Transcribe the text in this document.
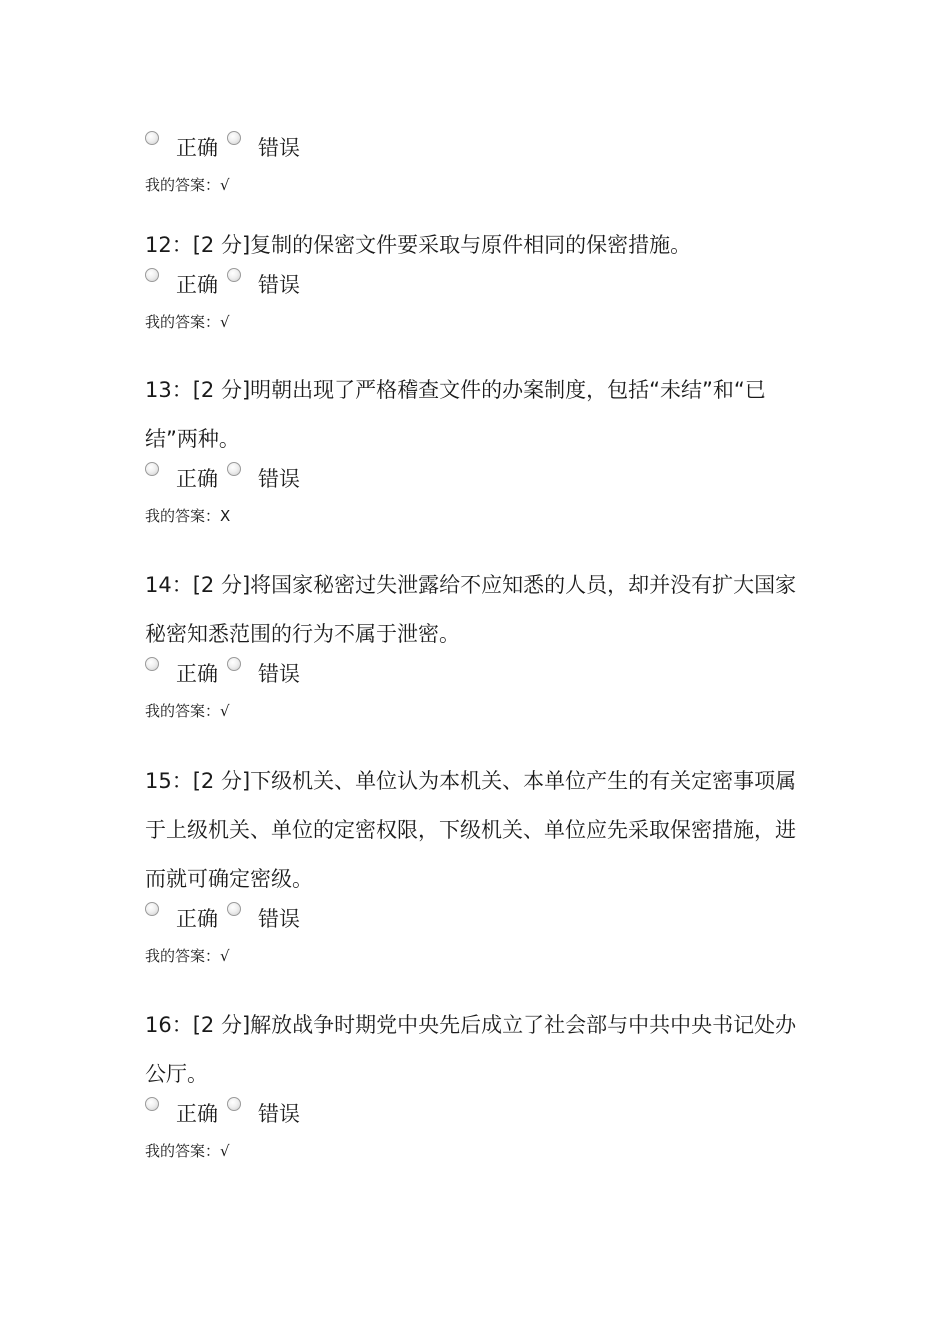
正确 错误
我的答案：√

12：[2 分]复制的保密文件要采取与原件相同的保密措施。

正确 错误
我的答案：√

13：[2 分]明朝出现了严格稽查文件的办案制度，包括“未结”和“已结”两种。

正确 错误
我的答案：X

14：[2 分]将国家秘密过失泄露给不应知悉的人员，却并没有扩大国家秘密知悉范围的行为不属于泄密。

正确 错误
我的答案：√

15：[2 分]下级机关、单位认为本机关、本单位产生的有关定密事项属于上级机关、单位的定密权限，下级机关、单位应先采取保密措施，进而就可确定密级。

正确 错误
我的答案：√

16：[2 分]解放战争时期党中央先后成立了社会部与中共中央书记处办公厅。

正确 错误
我的答案：√
